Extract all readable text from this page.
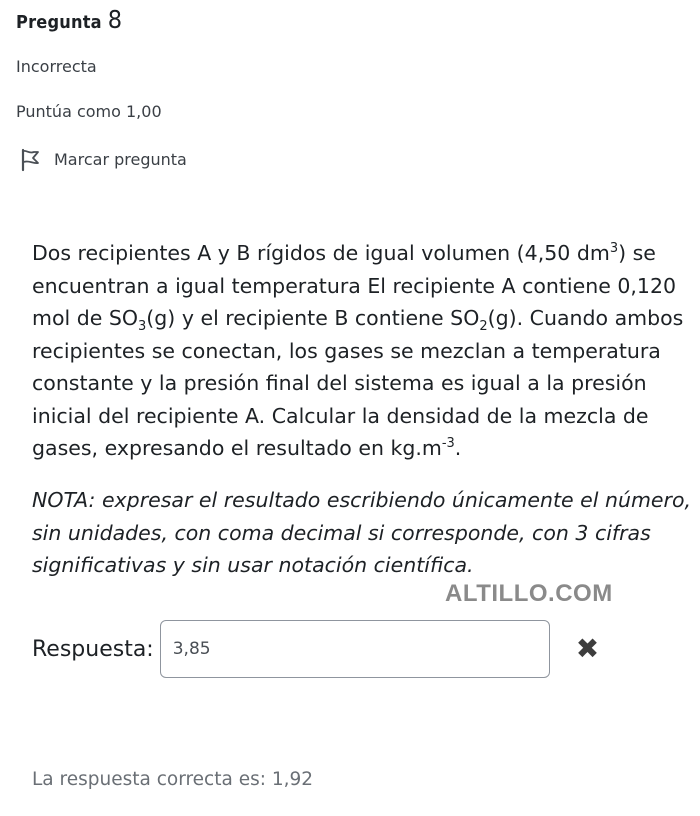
Pregunta 8
Incorrecta
Puntúa como 1,00
Marcar pregunta

Dos recipientes A y B rígidos de igual volumen (4,50 $dm^3$) se encuentran a igual temperatura El recipiente A contiene 0,120 mol de $SO_3(g)$ y el recipiente B contiene $SO_2(g)$. Cuando ambos recipientes se conectan, los gases se mezclan a temperatura constante y la presión final del sistema es igual a la presión inicial del recipiente A. Calcular la densidad de la mezcla de gases, expresando el resultado en $kg.m^{-3}$.

NOTA: expresar el resultado escribiendo únicamente el número, sin unidades, con coma decimal si corresponde, con 3 cifras significativas y sin usar notación científica.

ALTILLO.COM
Respuesta:
3,85	✖
La respuesta correcta es: 1,92
